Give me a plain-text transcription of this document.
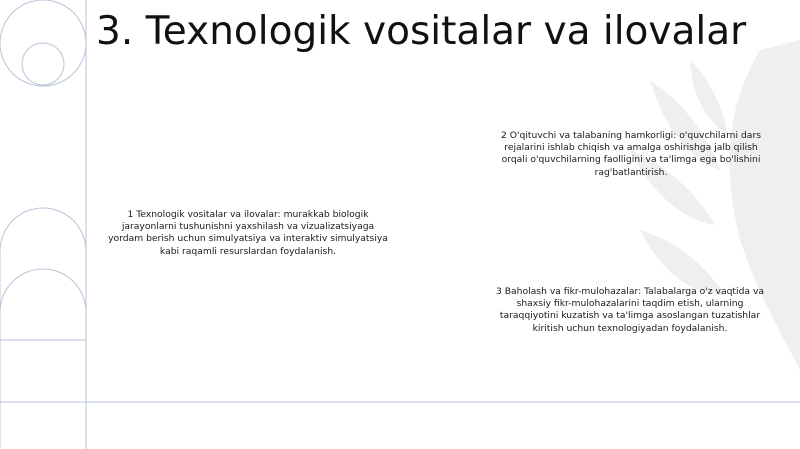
3. Texnologik vositalar va ilovalar

1 Texnologik vositalar va ilovalar: murakkab biologik jarayonlarni tushunishni yaxshilash va vizualizatsiyaga yordam berish uchun simulyatsiya va interaktiv simulyatsiya kabi raqamli resurslardan foydalanish.

2 O'qituvchi va talabaning hamkorligi: o'quvchilarni dars rejalarini ishlab chiqish va amalga oshirishga jalb qilish orqali o'quvchilarning faolligini va ta'limga ega bo'lishini rag'batlantirish.

3 Baholash va fikr-mulohazalar: Talabalarga o'z vaqtida va shaxsiy fikr-mulohazalarini taqdim etish, ularning taraqqiyotini kuzatish va ta'limga asoslangan tuzatishlar kiritish uchun texnologiyadan foydalanish.
